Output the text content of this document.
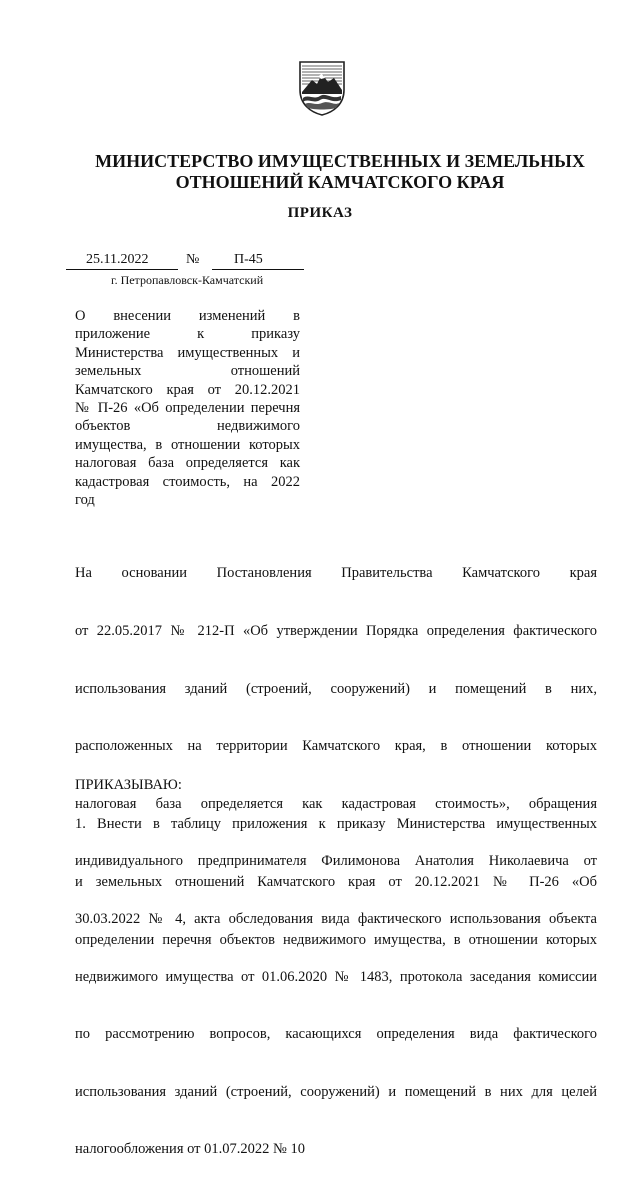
МИНИСТЕРСТВО ИМУЩЕСТВЕННЫХ И ЗЕМЕЛЬНЫХ
ОТНОШЕНИЙ КАМЧАТСКОГО КРАЯ
ПРИКАЗ
25.11.2022	№ П-45
г. Петропавловск-Камчатский
О внесении изменений в
приложение к приказу
Министерства имущественных и
земельных отношений
Камчатского края от 20.12.2021
№ П-26 «Об определении перечня
объектов недвижимого
имущества, в отношении которых
налоговая база определяется как
кадастровая стоимость, на 2022
год

На основании Постановления Правительства Камчатского края

от 22.05.2017 № 212-П «Об утверждении Порядка определения фактического

использования зданий (строений, сооружений) и помещений в них,

расположенных на территории Камчатского края, в отношении которых

налоговая база определяется как кадастровая стоимость», обращения

индивидуального предпринимателя Филимонова Анатолия Николаевича от

30.03.2022 № 4, акта обследования вида фактического использования объекта

недвижимого имущества от 01.06.2020 № 1483, протокола заседания комиссии

по рассмотрению вопросов, касающихся определения вида фактического

использования зданий (строений, сооружений) и помещений в них для целей

налогообложения от 01.07.2022 № 10

ПРИКАЗЫВАЮ:

1. Внести в таблицу приложения к приказу Министерства имущественных

и земельных отношений Камчатского края от 20.12.2021 № П-26 «Об

определении перечня объектов недвижимого имущества, в отношении которых
